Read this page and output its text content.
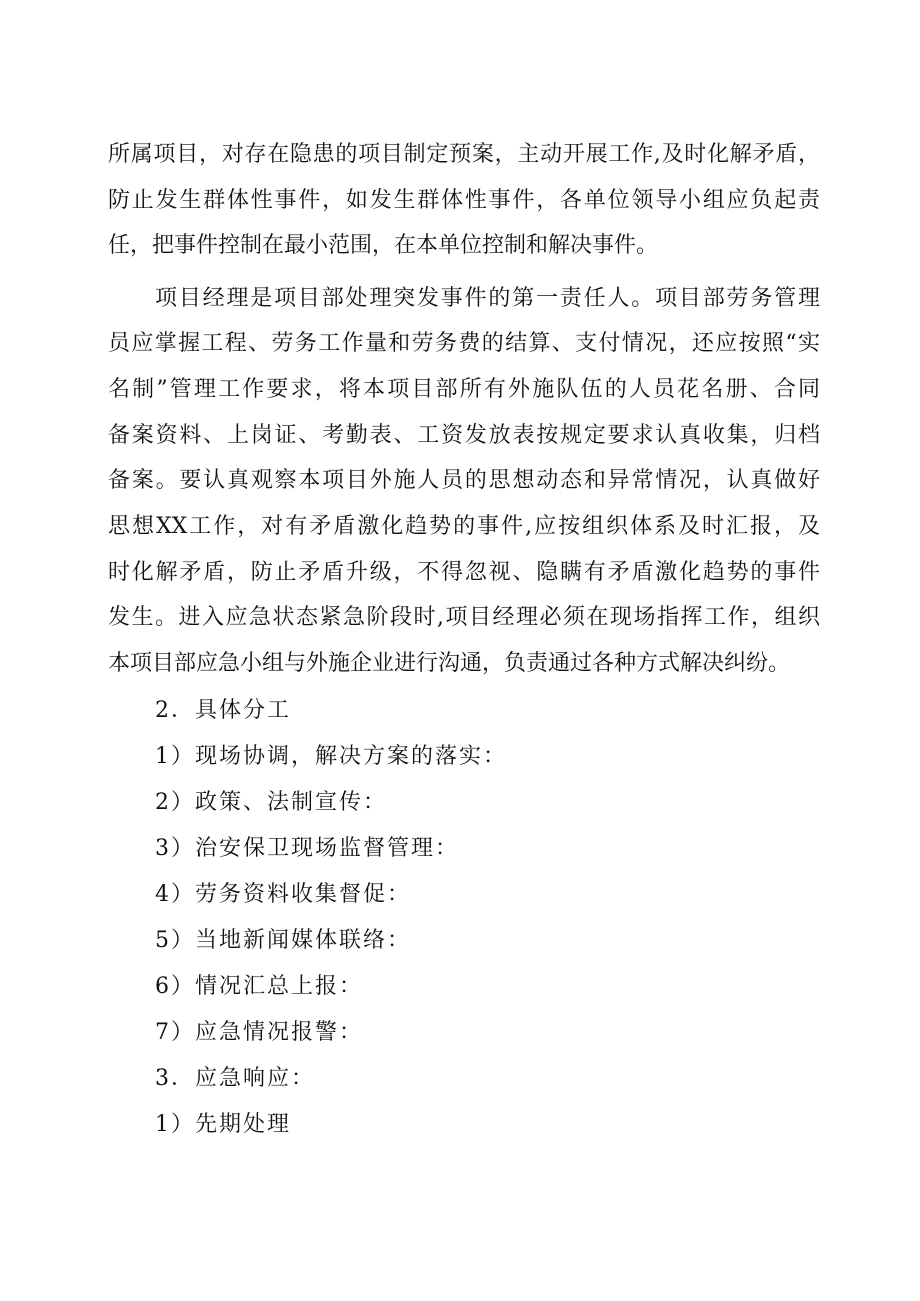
所属项目，对存在隐患的项目制定预案，主动开展工作,及时化解矛盾，
防止发生群体性事件，如发生群体性事件，各单位领导小组应负起责
任，把事件控制在最小范围，在本单位控制和解决事件。
项目经理是项目部处理突发事件的第一责任人。项目部劳务管理
员应掌握工程、劳务工作量和劳务费的结算、支付情况，还应按照“实
名制”管理工作要求，将本项目部所有外施队伍的人员花名册、合同
备案资料、上岗证、考勤表、工资发放表按规定要求认真收集，归档
备案。要认真观察本项目外施人员的思想动态和异常情况，认真做好
思想XX工作，对有矛盾激化趋势的事件,应按组织体系及时汇报，及
时化解矛盾，防止矛盾升级，不得忽视、隐瞒有矛盾激化趋势的事件
发生。进入应急状态紧急阶段时,项目经理必须在现场指挥工作，组织
本项目部应急小组与外施企业进行沟通，负责通过各种方式解决纠纷。
2．具体分工
1）现场协调，解决方案的落实：
2）政策、法制宣传：
3）治安保卫现场监督管理：
4）劳务资料收集督促：
5）当地新闻媒体联络：
6）情况汇总上报：
7）应急情况报警：
3．应急响应：
1）先期处理
